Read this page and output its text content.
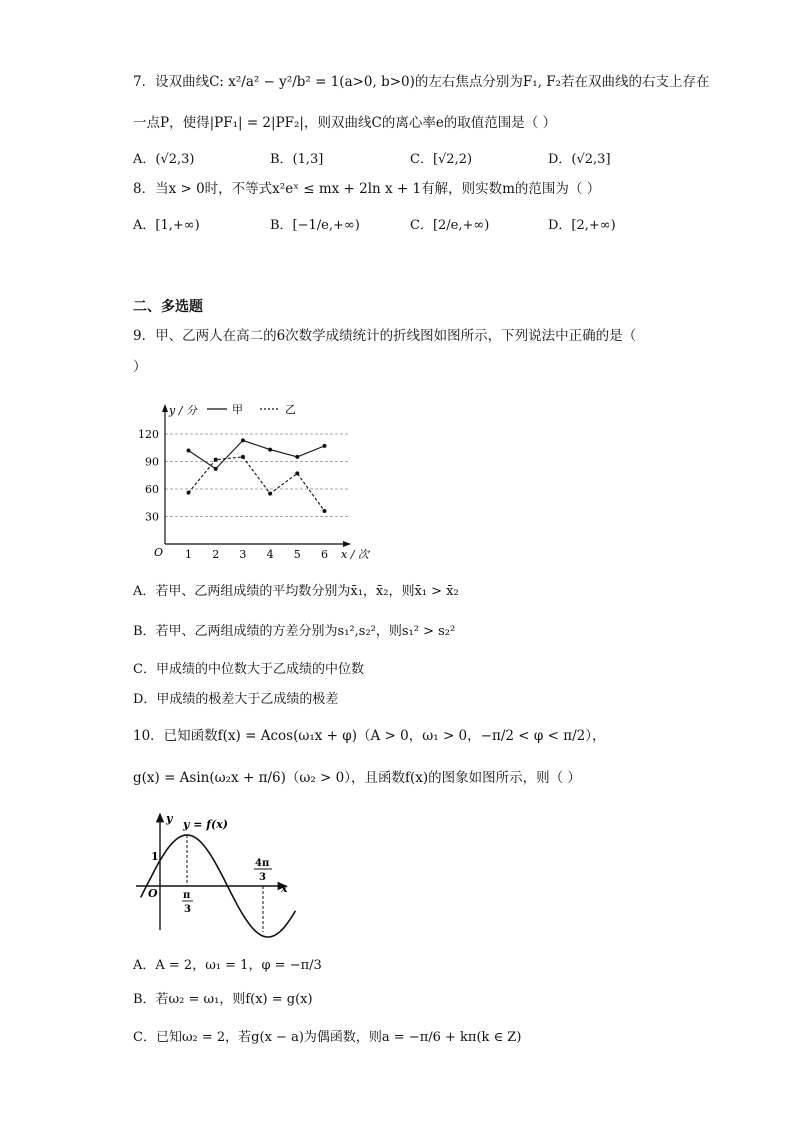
7．设双曲线C: x²/a² − y²/b² = 1(a>0, b>0)的左右焦点分别为F₁, F₂若在双曲线的右支上存在
一点P，使得|PF₁| = 2|PF₂|，则双曲线C的离心率e的取值范围是（ ）
A．(√2,3)	B．(1,3]	C．[√2,2)	D．(√2,3]
8．当x > 0时，不等式x²eˣ ≤ mx + 2ln x + 1有解，则实数m的范围为（ ）
A．[1,+∞)	B．[−1/e,+∞)	C．[2/e,+∞)	D．[2,+∞)
二、多选题
9．甲、乙两人在高二的6次数学成绩统计的折线图如图所示，下列说法中正确的是（
）
30
60
90
120
O 1 2 3 4 5 6 x / 次
y / 分	甲	乙
A．若甲、乙两组成绩的平均数分别为x̄₁，x̄₂，则x̄₁ > x̄₂
B．若甲、乙两组成绩的方差分别为s₁²,s₂²，则s₁² > s₂²
C．甲成绩的中位数大于乙成绩的中位数
D．甲成绩的极差大于乙成绩的极差
10．已知函数f(x) = Acos(ω₁x + φ)（A > 0，ω₁ > 0，−π/2 < φ < π/2），
g(x) = Asin(ω₂x + π/6)（ω₂ > 0），且函数f(x)的图象如图所示，则（ ）
y
x
O
1
y = f(x)
π
3
4π
3
A．A = 2，ω₁ = 1，φ = −π/3
B．若ω₂ = ω₁，则f(x) = g(x)
C．已知ω₂ = 2，若g(x − a)为偶函数，则a = −π/6 + kπ(k ∈ Z)
